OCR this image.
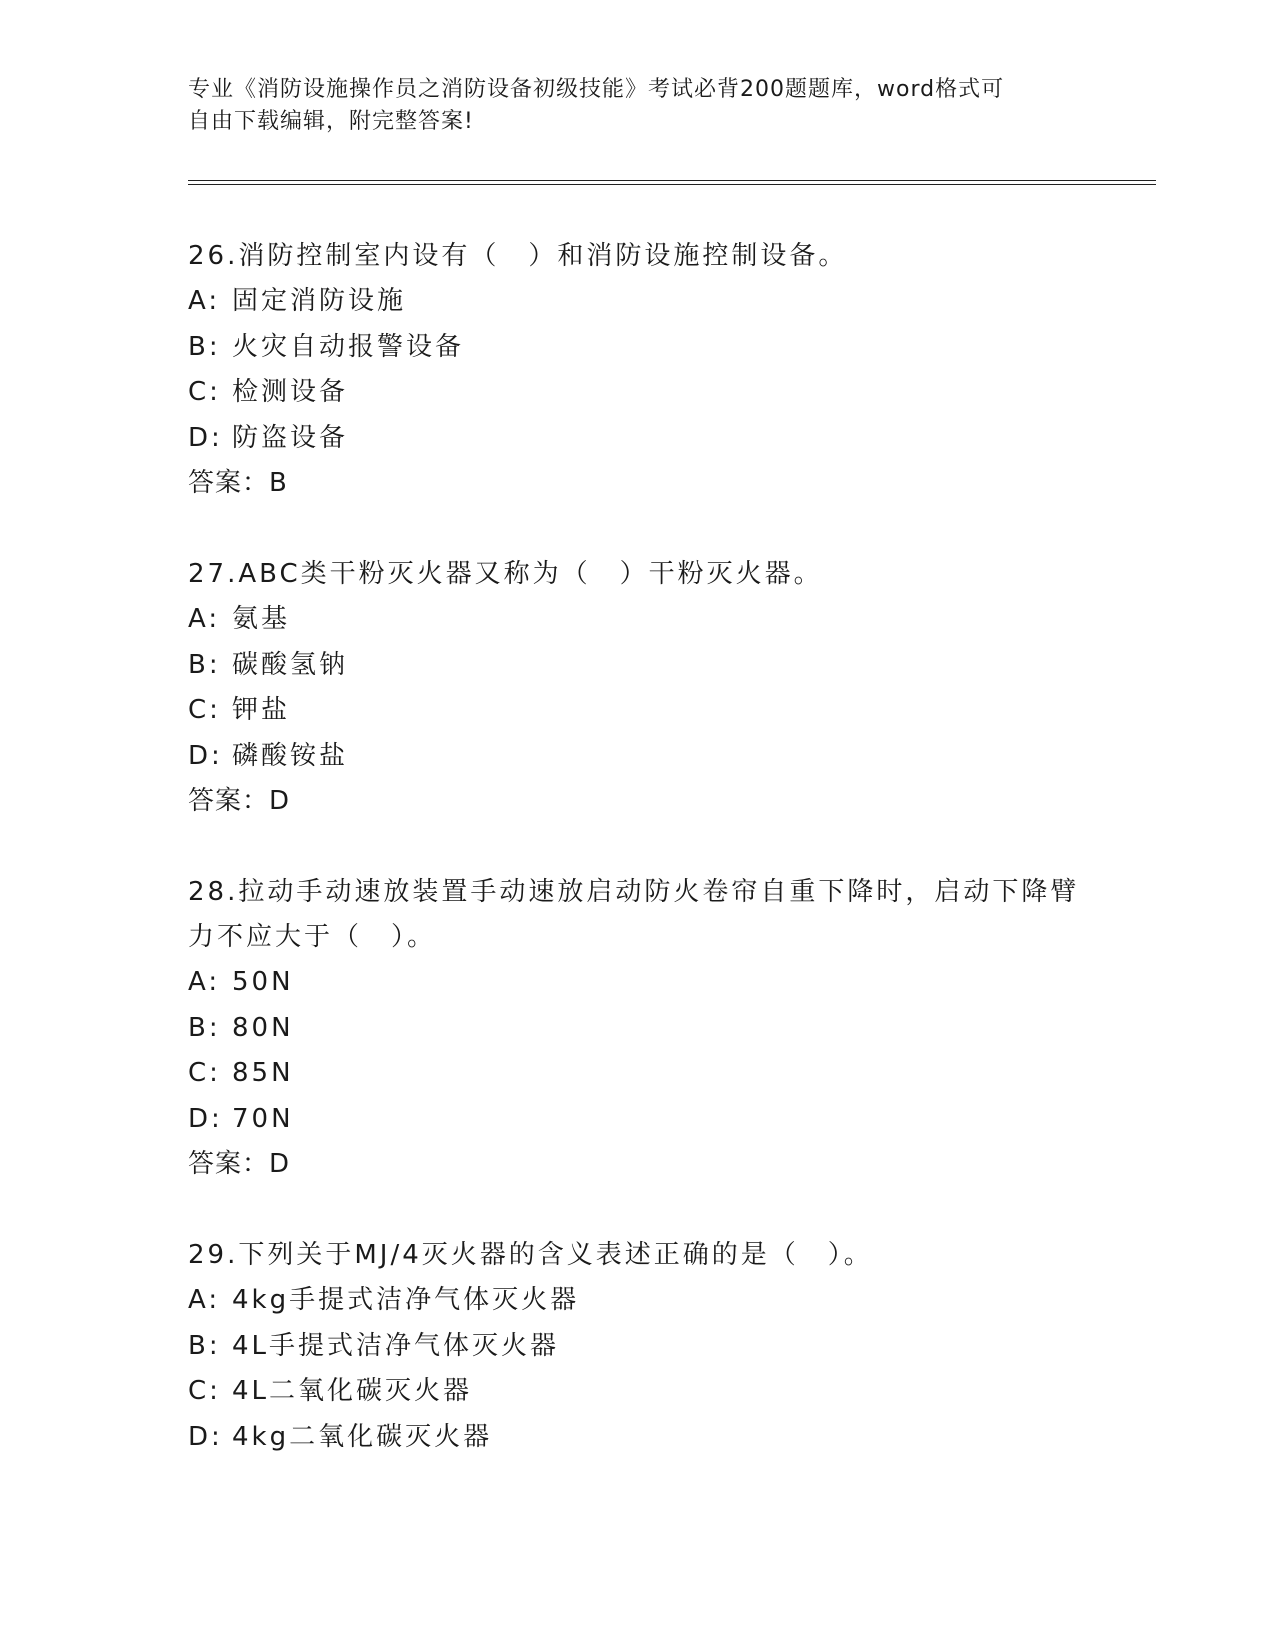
专业《消防设施操作员之消防设备初级技能》考试必背200题题库，word格式可
自由下载编辑，附完整答案!

26.消防控制室内设有（　）和消防设施控制设备。

A: 固定消防设施

B: 火灾自动报警设备

C: 检测设备

D: 防盗设备

答案：B

27.ABC类干粉灭火器又称为（　）干粉灭火器。

A: 氨基

B: 碳酸氢钠

C: 钾盐

D: 磷酸铵盐

答案：D

28.拉动手动速放装置手动速放启动防火卷帘自重下降时，启动下降臂

力不应大于（　）。

A: 50N

B: 80N

C: 85N

D: 70N

答案：D

29.下列关于MJ/4灭火器的含义表述正确的是（　）。

A: 4kg手提式洁净气体灭火器

B: 4L手提式洁净气体灭火器

C: 4L二氧化碳灭火器

D: 4kg二氧化碳灭火器
